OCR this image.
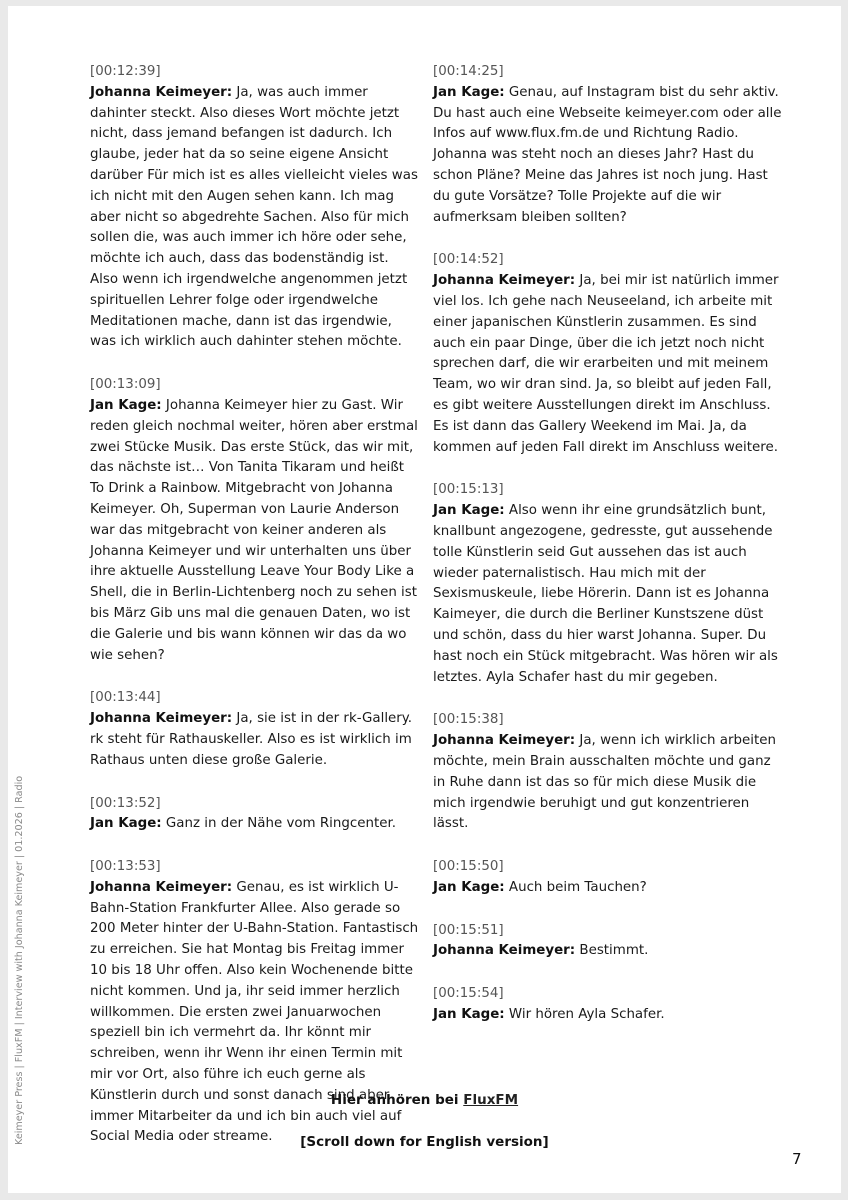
Keimeyer Press | FluxFM | Interview with Johanna Keimeyer | 01.2026 | Radio
[00:12:39]
Johanna Keimeyer: Ja, was auch immer dahinter steckt. Also dieses Wort möchte jetzt nicht, dass jemand befangen ist dadurch. Ich glaube, jeder hat da so seine eigene Ansicht darüber Für mich ist es alles vielleicht vieles was ich nicht mit den Augen sehen kann. Ich mag aber nicht so abgedrehte Sachen. Also für mich sollen die, was auch immer ich höre oder sehe, möchte ich auch, dass das bodenständig ist. Also wenn ich irgendwelche angenommen jetzt spirituellen Lehrer folge oder irgendwelche Meditationen mache, dann ist das irgendwie, was ich wirklich auch dahinter stehen möchte.
[00:13:09]
Jan Kage: Johanna Keimeyer hier zu Gast. Wir reden gleich nochmal weiter, hören aber erstmal zwei Stücke Musik. Das erste Stück, das wir mit, das nächste ist… Von Tanita Tikaram und heißt To Drink a Rainbow. Mitgebracht von Johanna Keimeyer. Oh, Superman von Laurie Anderson war das mitgebracht von keiner anderen als Johanna Keimeyer und wir unterhalten uns über ihre aktuelle Ausstellung Leave Your Body Like a Shell, die in Berlin-Lichtenberg noch zu sehen ist bis März Gib uns mal die genauen Daten, wo ist die Galerie und bis wann können wir das da wo wie sehen?
[00:13:44]
Johanna Keimeyer: Ja, sie ist in der rk-Gallery. rk steht für Rathauskeller. Also es ist wirklich im Rathaus unten diese große Galerie.
[00:13:52]
Jan Kage: Ganz in der Nähe vom Ringcenter.
[00:13:53]
Johanna Keimeyer: Genau, es ist wirklich U-Bahn-Station Frankfurter Allee. Also gerade so 200 Meter hinter der U-Bahn-Station. Fantastisch zu erreichen. Sie hat Montag bis Freitag immer 10 bis 18 Uhr offen. Also kein Wochenende bitte nicht kommen. Und ja, ihr seid immer herzlich willkommen. Die ersten zwei Januarwochen speziell bin ich vermehrt da. Ihr könnt mir schreiben, wenn ihr Wenn ihr einen Termin mit mir vor Ort, also führe ich euch gerne als Künstlerin durch und sonst danach sind aber immer Mitarbeiter da und ich bin auch viel auf Social Media oder streame.
[00:14:25]
Jan Kage: Genau, auf Instagram bist du sehr aktiv. Du hast auch eine Webseite keimeyer.com oder alle Infos auf www.flux.fm.de und Richtung Radio. Johanna was steht noch an dieses Jahr? Hast du schon Pläne? Meine das Jahres ist noch jung. Hast du gute Vorsätze? Tolle Projekte auf die wir aufmerksam bleiben sollten?
[00:14:52]
Johanna Keimeyer: Ja, bei mir ist natürlich immer viel los. Ich gehe nach Neuseeland, ich arbeite mit einer japanischen Künstlerin zusammen. Es sind auch ein paar Dinge, über die ich jetzt noch nicht sprechen darf, die wir erarbeiten und mit meinem Team, wo wir dran sind. Ja, so bleibt auf jeden Fall, es gibt weitere Ausstellungen direkt im Anschluss. Es ist dann das Gallery Weekend im Mai. Ja, da kommen auf jeden Fall direkt im Anschluss weitere.
[00:15:13]
Jan Kage: Also wenn ihr eine grundsätzlich bunt, knallbunt angezogene, gedresste, gut aussehende tolle Künstlerin seid Gut aussehen das ist auch wieder paternalistisch. Hau mich mit der Sexismuskeule, liebe Hörerin. Dann ist es Johanna Kaimeyer, die durch die Berliner Kunstszene düst und schön, dass du hier warst Johanna. Super. Du hast noch ein Stück mitgebracht. Was hören wir als letztes. Ayla Schafer hast du mir gegeben.
[00:15:38]
Johanna Keimeyer: Ja, wenn ich wirklich arbeiten möchte, mein Brain ausschalten möchte und ganz in Ruhe dann ist das so für mich diese Musik die mich irgendwie beruhigt und gut konzentrieren lässt.
[00:15:50]
Jan Kage: Auch beim Tauchen?
[00:15:51]
Johanna Keimeyer: Bestimmt.
[00:15:54]
Jan Kage: Wir hören Ayla Schafer.
Hier anhören bei FluxFM
[Scroll down for English version]
7
